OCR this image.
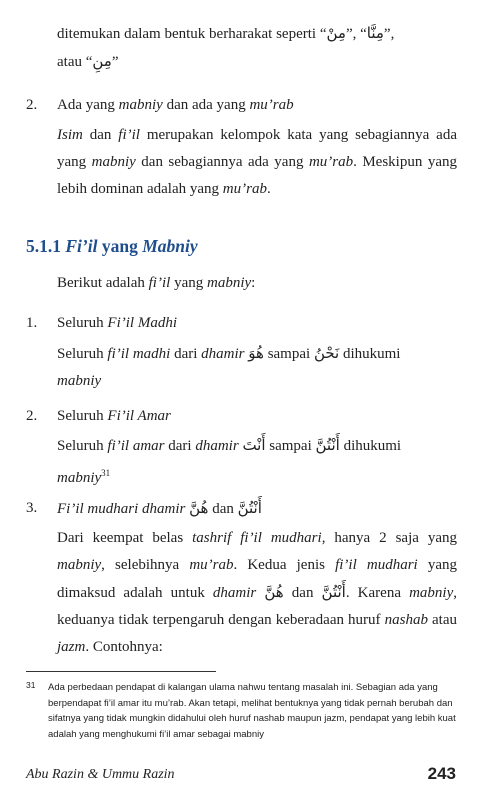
ditemukan dalam bentuk berharakat seperti “مِنْ”, “مِنَّا”,
atau “مِنِ”

2. Ada yang mabniy dan ada yang mu’rab

Isim dan fi’il merupakan kelompok kata yang sebagiannya ada yang mabniy dan sebagiannya ada yang mu’rab. Meskipun yang lebih dominan adalah yang mu’rab.

5.1.1 Fi’il yang Mabniy

Berikut adalah fi’il yang mabniy:

1. Seluruh Fi’il Madhi

Seluruh fi’il madhi dari dhamir هُوَ sampai نَحْنُ dihukumi
mabniy

2. Seluruh Fi’il Amar

Seluruh fi’il amar dari dhamir أَنْتَ sampai أَنْتُنَّ dihukumi
mabniy$^{31}$

3. Fi’il mudhari dhamir هُنَّ dan أَنْتُنَّ

Dari keempat belas tashrif fi’il mudhari, hanya 2 saja yang mabniy, selebihnya mu’rab. Kedua jenis fi’il mudhari yang dimaksud adalah untuk dhamir هُنَّ dan أَنْتُنَّ. Karena mabniy, keduanya tidak terpengaruh dengan keberadaan huruf nashab atau jazm. Contohnya:

31 Ada perbedaan pendapat di kalangan ulama nahwu tentang masalah ini. Sebagian ada yang berpendapat fi’il amar itu mu’rab. Akan tetapi, melihat bentuknya yang tidak pernah berubah dan sifatnya yang tidak mungkin didahului oleh huruf nashab maupun jazm, pendapat yang lebih kuat adalah yang menghukumi fi’il amar sebagai mabniy

Abu Razin & Ummu Razin	243
